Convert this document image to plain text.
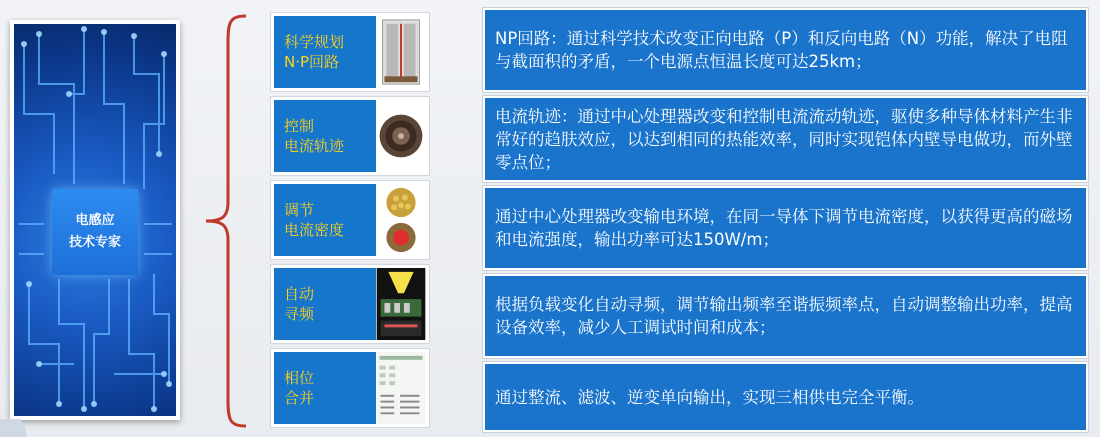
电感应
技术专家
科学规划
N·P回路
控制
电流轨迹
调节
电流密度
自动
寻频
相位
合并
NP回路：通过科学技术改变正向电路（P）和反向电路（N）功能，解决了电阻与截面积的矛盾，一个电源点恒温长度可达25km；
电流轨迹：通过中心处理器改变和控制电流流动轨迹，驱使多种导体材料产生非常好的趋肤效应，以达到相同的热能效率，同时实现铠体内壁导电做功，而外壁零点位；
通过中心处理器改变输电环境，在同一导体下调节电流密度，以获得更高的磁场和电流强度，输出功率可达150W/m；
根据负载变化自动寻频，调节输出频率至谐振频率点，自动调整输出功率，提高设备效率，减少人工调试时间和成本；
通过整流、滤波、逆变单向输出，实现三相供电完全平衡。
